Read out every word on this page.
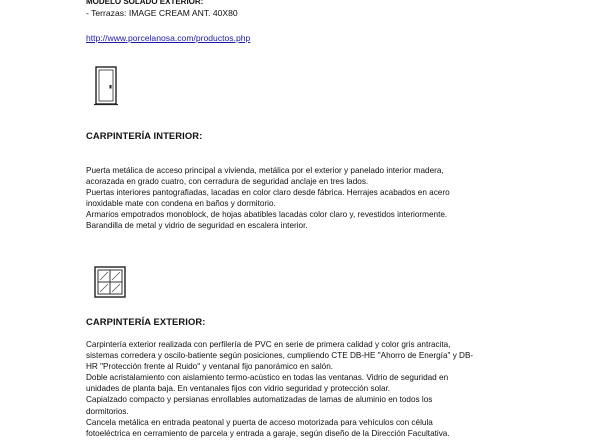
MODELO SOLADO EXTERIOR:
- Terrazas: IMAGE CREAM ANT. 40X80
http://www.porcelanosa.com/productos.php
CARPINTERÍA INTERIOR:

Puerta metálica de acceso principal a vivienda, metálica por el exterior y panelado interior madera,

acorazada en grado cuatro, con cerradura de seguridad anclaje en tres lados.

Puertas interiores pantografiadas, lacadas en color claro desde fábrica. Herrajes acabados en acero

inoxidable mate con condena en baños y dormitorio.

Armarios empotrados monoblock, de hojas abatibles lacadas color claro y, revestidos interiormente.

Barandilla de metal y vidrio de seguridad en escalera interior.

CARPINTERÍA EXTERIOR:

Carpintería exterior realizada con perfilería de PVC en serie de primera calidad y color gris antracita,

sistemas corredera y oscilo-batiente según posiciones, cumpliendo CTE DB-HE "Ahorro de Energía" y DB-

HR "Protección frente al Ruido" y ventanal fijo panorámico en salón.

Doble acristalamiento con aislamiento termo-acústico en todas las ventanas. Vidrio de seguridad en

unidades de planta baja. En ventanales fijos con vidrio seguridad y protección solar.

Capialzado compacto y persianas enrollables automatizadas de lamas de aluminio en todos los

dormitorios.

Cancela metálica en entrada peatonal y puerta de acceso motorizada para vehículos con célula

fotoeléctrica en cerramiento de parcela y entrada a garaje, según diseño de la Dirección Facultativa.
